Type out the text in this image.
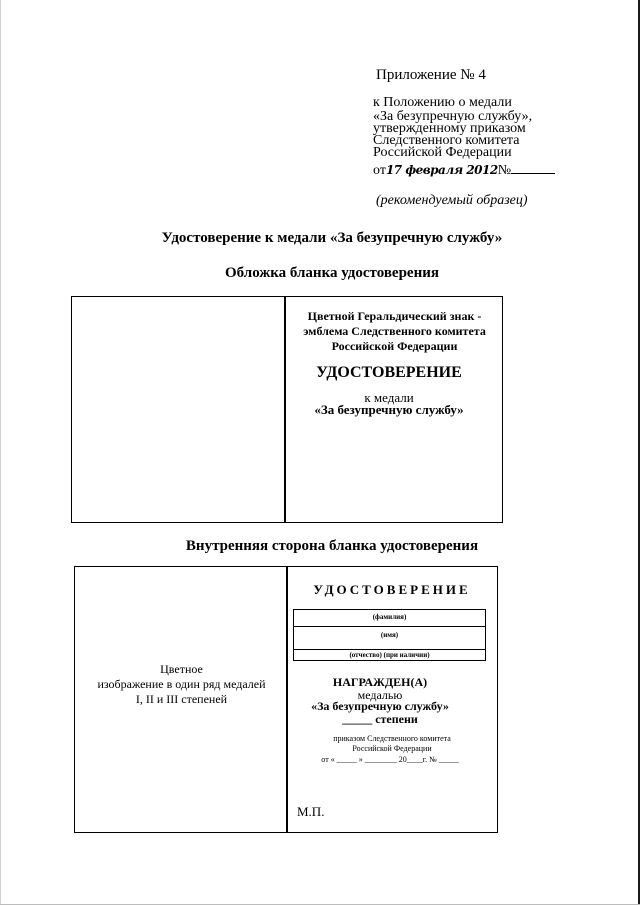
Приложение № 4
к Положению о медали
«За безупречную службу»,
утвержденному приказом
Следственного комитета
Российской Федерации
от17 февраля 2012№
(рекомендуемый образец)
Удостоверение к медали «За безупречную службу»
Обложка бланка удостоверения
Цветной Геральдический знак -
эмблема Следственного комитета
Российской Федерации
УДОСТОВЕРЕНИЕ
к медали
«За безупречную службу»
Внутренняя сторона бланка удостоверения
Цветное
изображение в один ряд медалей
I, II и III степеней
УДОСТОВЕРЕНИЕ
(фамилия)
(имя)
(отчество) (при наличии)
НАГРАЖДЕН(А)
медалью
«За безупречную службу»
_____ степени
приказом Следственного комитета
Российской Федерации
от « _____ » ________ 20____г. № _____
М.П.
